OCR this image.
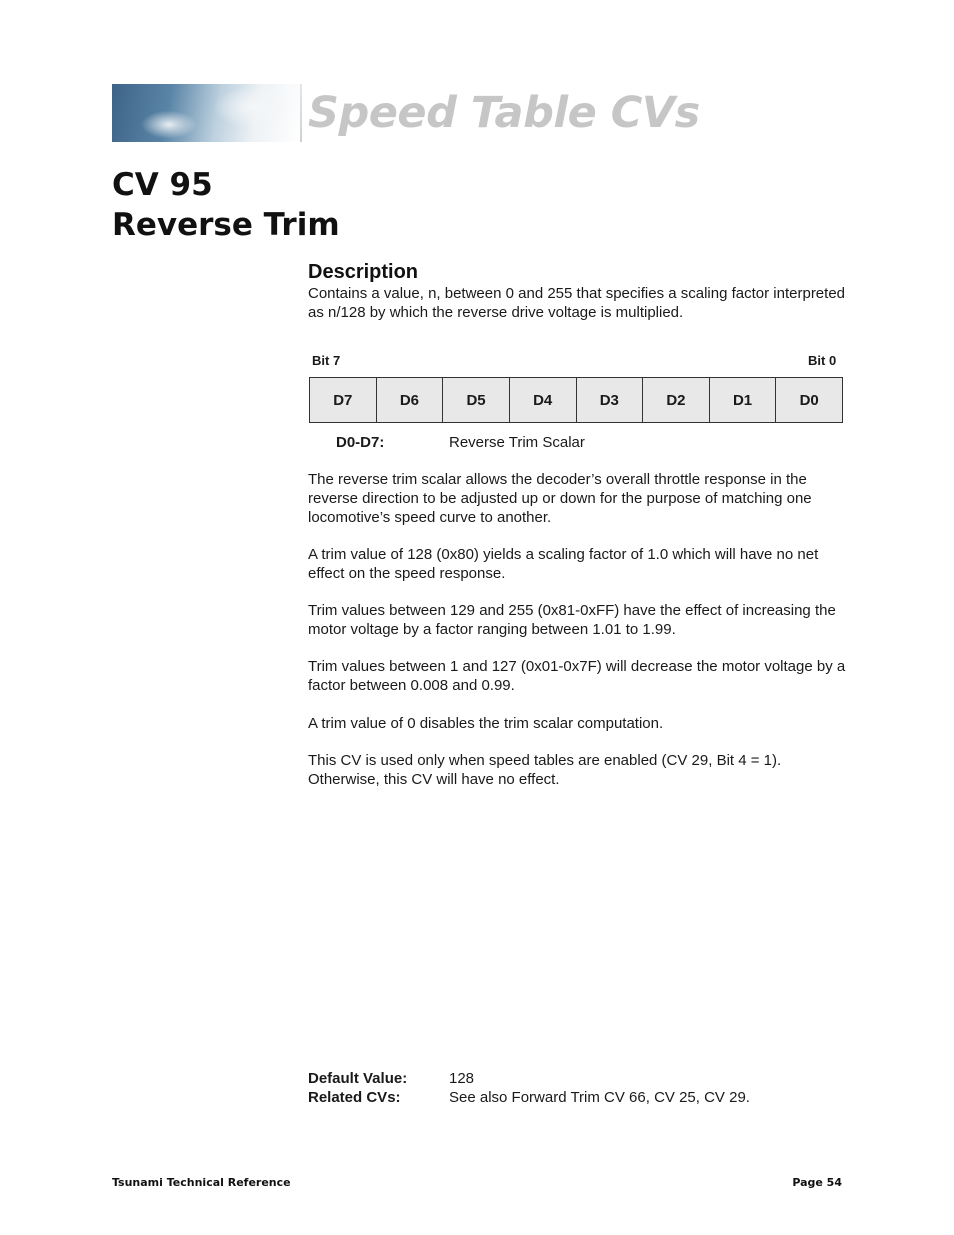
Speed Table CVs
CV 95
Reverse Trim
Description

Contains a value, n, between 0 and 255 that specifies a scaling factor interpreted as n/128 by which the reverse drive voltage is multiplied.

Bit 7	Bit 0
D7	D6	D5	D4	D3	D2	D1	D0
D0-D7:	Reverse Trim Scalar

The reverse trim scalar allows the decoder’s overall throttle response in the reverse direction to be adjusted up or down for the purpose of matching one locomotive’s speed curve to another.

A trim value of 128 (0x80) yields a scaling factor of 1.0 which will have no net effect on the speed response.

Trim values between 129 and 255 (0x81-0xFF) have the effect of increasing the motor voltage by a factor ranging between 1.01 to 1.99.

Trim values between 1 and 127 (0x01-0x7F) will decrease the motor voltage by a factor between 0.008 and 0.99.

A trim value of 0 disables the trim scalar computation.

This CV is used only when speed tables are enabled (CV 29, Bit 4 = 1). Otherwise, this CV will have no effect.

Default Value:	128
Related CVs:	See also Forward Trim CV 66, CV 25, CV 29.
Tsunami Technical Reference	Page 54
